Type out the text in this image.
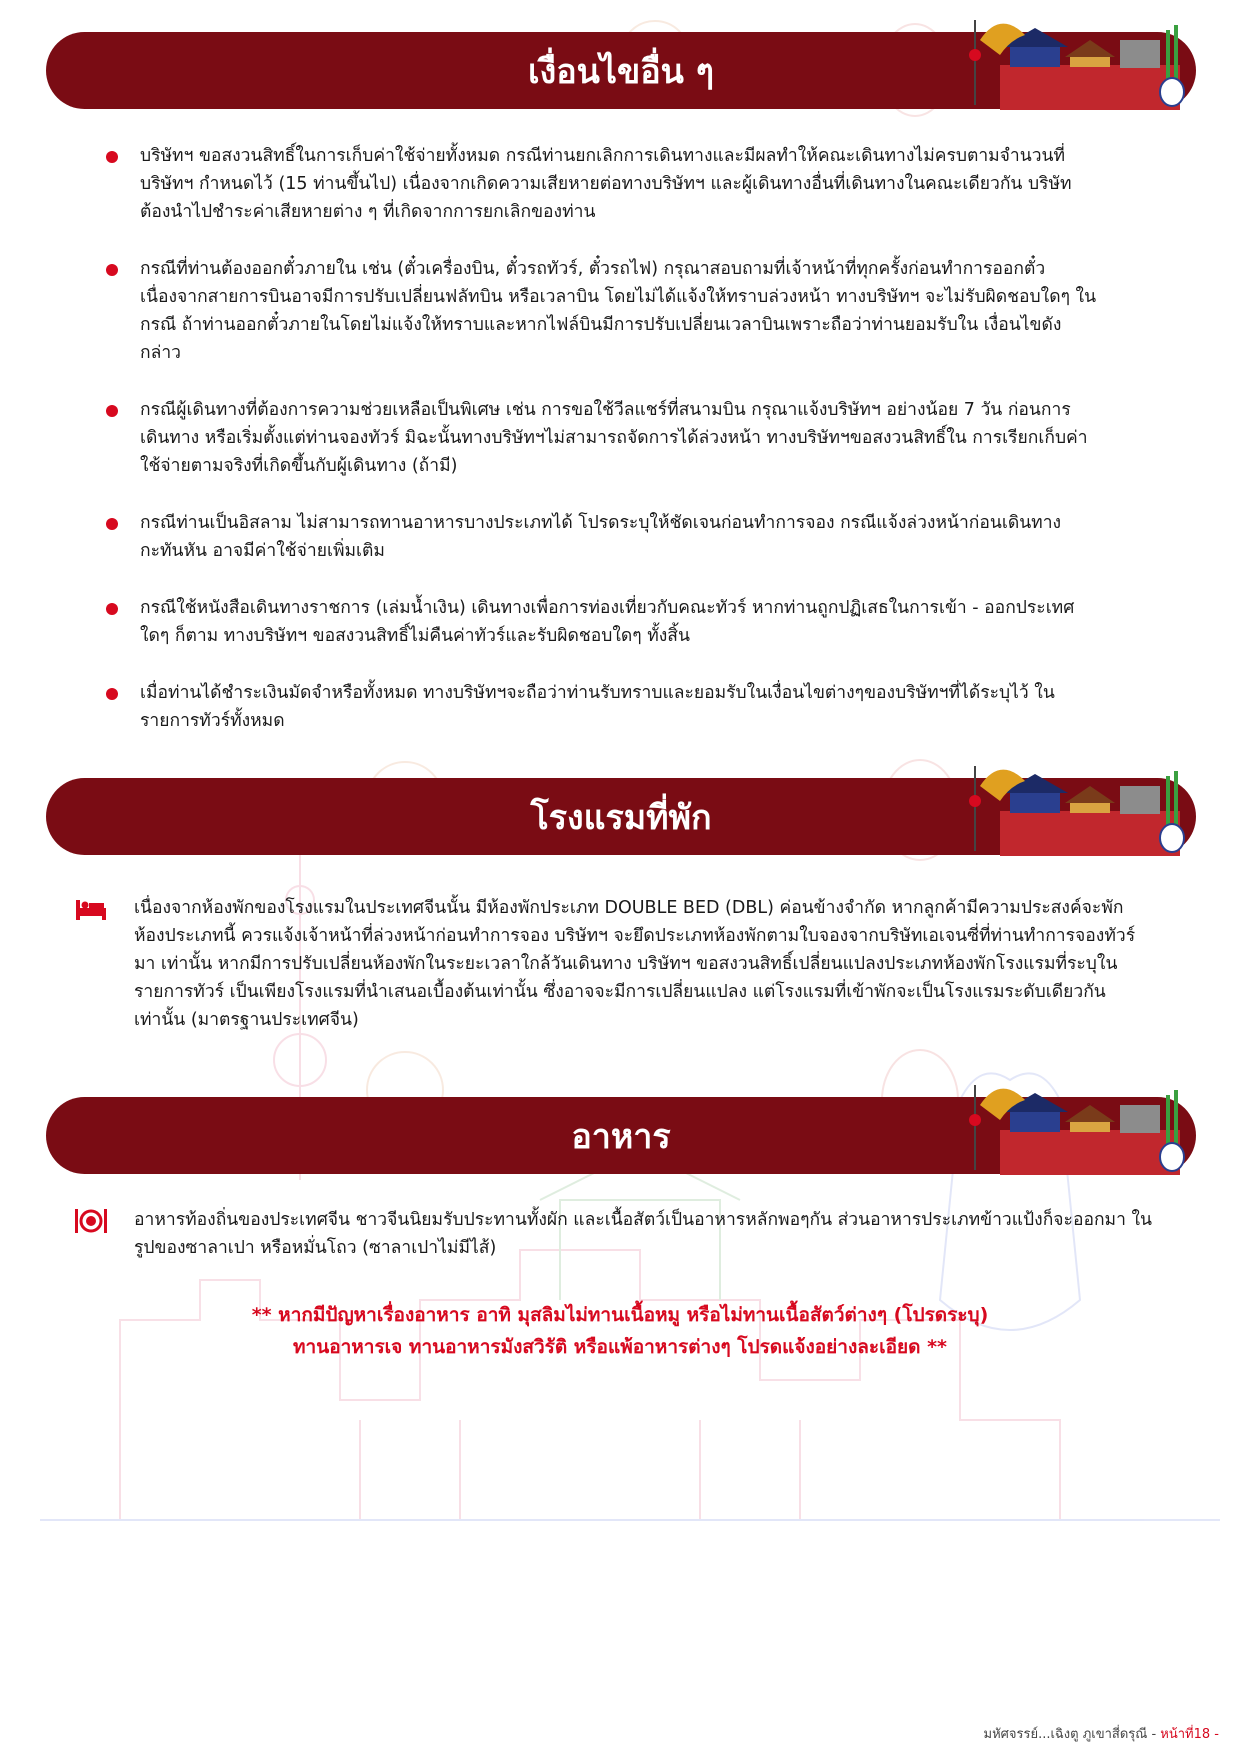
เงื่อนไขอื่น ๆ

บริษัทฯ ขอสงวนสิทธิ์ในการเก็บค่าใช้จ่ายทั้งหมด กรณีท่านยกเลิกการเดินทางและมีผลทำให้คณะเดินทางไม่ครบตามจำนวนที่บริษัทฯ กำหนดไว้ (15 ท่านขึ้นไป) เนื่องจากเกิดความเสียหายต่อทางบริษัทฯ และผู้เดินทางอื่นที่เดินทางในคณะเดียวกัน บริษัทต้องนำไปชำระค่าเสียหายต่าง ๆ ที่เกิดจากการยกเลิกของท่าน

กรณีที่ท่านต้องออกตั๋วภายใน เช่น (ตั๋วเครื่องบิน, ตั๋วรถทัวร์, ตั๋วรถไฟ) กรุณาสอบถามที่เจ้าหน้าที่ทุกครั้งก่อนทำการออกตั๋ว เนื่องจากสายการบินอาจมีการปรับเปลี่ยนฟลัทบิน หรือเวลาบิน โดยไม่ได้แจ้งให้ทราบล่วงหน้า ทางบริษัทฯ จะไม่รับผิดชอบใดๆ ในกรณี ถ้าท่านออกตั๋วภายในโดยไม่แจ้งให้ทราบและหากไฟล์บินมีการปรับเปลี่ยนเวลาบินเพราะถือว่าท่านยอมรับใน เงื่อนไขดังกล่าว

กรณีผู้เดินทางที่ต้องการความช่วยเหลือเป็นพิเศษ เช่น การขอใช้วีลแชร์ที่สนามบิน กรุณาแจ้งบริษัทฯ อย่างน้อย 7 วัน ก่อนการเดินทาง หรือเริ่มตั้งแต่ท่านจองทัวร์ มิฉะนั้นทางบริษัทฯไม่สามารถจัดการได้ล่วงหน้า ทางบริษัทฯขอสงวนสิทธิ์ใน การเรียกเก็บค่าใช้จ่ายตามจริงที่เกิดขึ้นกับผู้เดินทาง (ถ้ามี)

กรณีท่านเป็นอิสลาม ไม่สามารถทานอาหารบางประเภทได้ โปรดระบุให้ชัดเจนก่อนทำการจอง กรณีแจ้งล่วงหน้าก่อนเดินทาง กะทันหัน อาจมีค่าใช้จ่ายเพิ่มเติม

กรณีใช้หนังสือเดินทางราชการ (เล่มน้ำเงิน) เดินทางเพื่อการท่องเที่ยวกับคณะทัวร์ หากท่านถูกปฏิเสธในการเข้า - ออกประเทศ ใดๆ ก็ตาม ทางบริษัทฯ ขอสงวนสิทธิ์ไม่คืนค่าทัวร์และรับผิดชอบใดๆ ทั้งสิ้น

เมื่อท่านได้ชำระเงินมัดจำหรือทั้งหมด ทางบริษัทฯจะถือว่าท่านรับทราบและยอมรับในเงื่อนไขต่างๆของบริษัทฯที่ได้ระบุไว้ ในรายการทัวร์ทั้งหมด

โรงแรมที่พัก
เนื่องจากห้องพักของโรงแรมในประเทศจีนนั้น มีห้องพักประเภท DOUBLE BED (DBL) ค่อนข้างจำกัด หากลูกค้ามีความประสงค์จะพัก ห้องประเภทนี้ ควรแจ้งเจ้าหน้าที่ล่วงหน้าก่อนทำการจอง บริษัทฯ จะยึดประเภทห้องพักตามใบจองจากบริษัทเอเจนซี่ที่ท่านทำการจองทัวร์มา เท่านั้น หากมีการปรับเปลี่ยนห้องพักในระยะเวลาใกล้วันเดินทาง บริษัทฯ ขอสงวนสิทธิ์เปลี่ยนแปลงประเภทห้องพักโรงแรมที่ระบุในรายการทัวร์ เป็นเพียงโรงแรมที่นำเสนอเบื้องต้นเท่านั้น ซึ่งอาจจะมีการเปลี่ยนแปลง แต่โรงแรมที่เข้าพักจะเป็นโรงแรมระดับเดียวกันเท่านั้น (มาตรฐานประเทศจีน)
อาหาร
อาหารท้องถิ่นของประเทศจีน ชาวจีนนิยมรับประทานทั้งผัก และเนื้อสัตว์เป็นอาหารหลักพอๆกัน ส่วนอาหารประเภทข้าวแป้งก็จะออกมา ในรูปของซาลาเปา หรือหมั่นโถว (ซาลาเปาไม่มีไส้)
** หากมีปัญหาเรื่องอาหาร อาทิ มุสลิมไม่ทานเนื้อหมู หรือไม่ทานเนื้อสัตว์ต่างๆ (โปรดระบุ)
ทานอาหารเจ ทานอาหารมังสวิรัติ หรือแพ้อาหารต่างๆ โปรดแจ้งอย่างละเอียด **
มหัศจรรย์...เฉิงตู ภูเขาสี่ดรุณี - หน้าที่18 -
